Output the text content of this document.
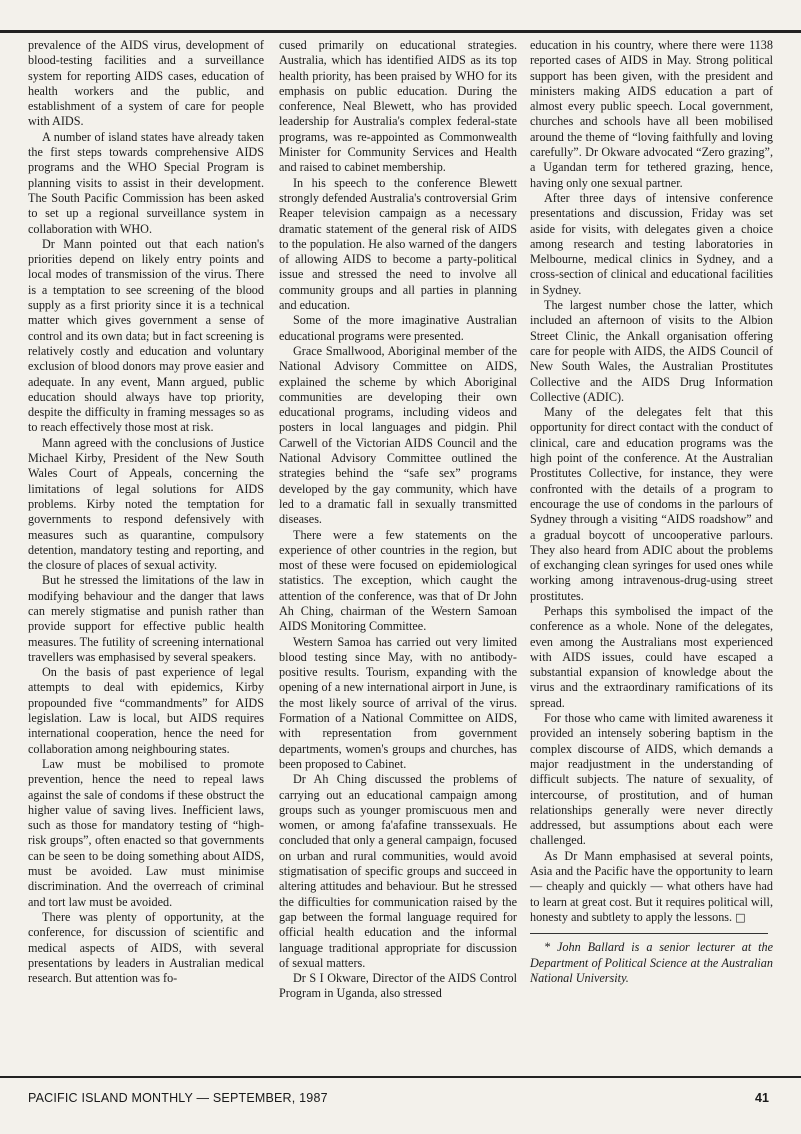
prevalence of the AIDS virus, development of blood-testing facilities and a surveillance system for reporting AIDS cases, education of health workers and the public, and establishment of a system of care for people with AIDS.

A number of island states have already taken the first steps towards comprehensive AIDS programs and the WHO Special Program is planning visits to assist in their development. The South Pacific Commission has been asked to set up a regional surveillance system in collaboration with WHO.

Dr Mann pointed out that each nation's priorities depend on likely entry points and local modes of transmission of the virus. There is a temptation to see screening of the blood supply as a first priority since it is a technical matter which gives government a sense of control and its own data; but in fact screening is relatively costly and education and voluntary exclusion of blood donors may prove easier and adequate. In any event, Mann argued, public education should always have top priority, despite the difficulty in framing messages so as to reach effectively those most at risk.

Mann agreed with the conclusions of Justice Michael Kirby, President of the New South Wales Court of Appeals, concerning the limitations of legal solutions for AIDS problems. Kirby noted the temptation for governments to respond defensively with measures such as quarantine, compulsory detention, mandatory testing and reporting, and the closure of places of sexual activity.

But he stressed the limitations of the law in modifying behaviour and the danger that laws can merely stigmatise and punish rather than provide support for effective public health measures. The futility of screening international travellers was emphasised by several speakers.

On the basis of past experience of legal attempts to deal with epidemics, Kirby propounded five “commandments” for AIDS legislation. Law is local, but AIDS requires international cooperation, hence the need for collaboration among neighbouring states.

Law must be mobilised to promote prevention, hence the need to repeal laws against the sale of condoms if these obstruct the higher value of saving lives. Inefficient laws, such as those for mandatory testing of “high-risk groups”, often enacted so that governments can be seen to be doing something about AIDS, must be avoided. Law must minimise discrimination. And the overreach of criminal and tort law must be avoided.

There was plenty of opportunity, at the conference, for discussion of scientific and medical aspects of AIDS, with several presentations by leaders in Australian medical research. But attention was fo-

cused primarily on educational strategies. Australia, which has identified AIDS as its top health priority, has been praised by WHO for its emphasis on public education. During the conference, Neal Blewett, who has provided leadership for Australia's complex federal-state programs, was re-appointed as Commonwealth Minister for Community Services and Health and raised to cabinet membership.

In his speech to the conference Blewett strongly defended Australia's controversial Grim Reaper television campaign as a necessary dramatic statement of the general risk of AIDS to the population. He also warned of the dangers of allowing AIDS to become a party-political issue and stressed the need to involve all community groups and all parties in planning and education.

Some of the more imaginative Australian educational programs were presented.

Grace Smallwood, Aboriginal member of the National Advisory Committee on AIDS, explained the scheme by which Aboriginal communities are developing their own educational programs, including videos and posters in local languages and pidgin. Phil Carwell of the Victorian AIDS Council and the National Advisory Committee outlined the strategies behind the “safe sex” programs developed by the gay community, which have led to a dramatic fall in sexually transmitted diseases.

There were a few statements on the experience of other countries in the region, but most of these were focused on epidemiological statistics. The exception, which caught the attention of the conference, was that of Dr John Ah Ching, chairman of the Western Samoan AIDS Monitoring Committee.

Western Samoa has carried out very limited blood testing since May, with no antibody-positive results. Tourism, expanding with the opening of a new international airport in June, is the most likely source of arrival of the virus. Formation of a National Committee on AIDS, with representation from government departments, women's groups and churches, has been proposed to Cabinet.

Dr Ah Ching discussed the problems of carrying out an educational campaign among groups such as younger promiscuous men and women, or among fa'afafine transsexuals. He concluded that only a general campaign, focused on urban and rural communities, would avoid stigmatisation of specific groups and succeed in altering attitudes and behaviour. But he stressed the difficulties for communication raised by the gap between the formal language required for official health education and the informal language traditional appropriate for discussion of sexual matters.

Dr S I Okware, Director of the AIDS Control Program in Uganda, also stressed

education in his country, where there were 1138 reported cases of AIDS in May. Strong political support has been given, with the president and ministers making AIDS education a part of almost every public speech. Local government, churches and schools have all been mobilised around the theme of “loving faithfully and loving carefully”. Dr Okware advocated “Zero grazing”, a Ugandan term for tethered grazing, hence, having only one sexual partner.

After three days of intensive conference presentations and discussion, Friday was set aside for visits, with delegates given a choice among research and testing laboratories in Melbourne, medical clinics in Sydney, and a cross-section of clinical and educational facilities in Sydney.

The largest number chose the latter, which included an afternoon of visits to the Albion Street Clinic, the Ankall organisation offering care for people with AIDS, the AIDS Council of New South Wales, the Australian Prostitutes Collective and the AIDS Drug Information Collective (ADIC).

Many of the delegates felt that this opportunity for direct contact with the conduct of clinical, care and education programs was the high point of the conference. At the Australian Prostitutes Collective, for instance, they were confronted with the details of a program to encourage the use of condoms in the parlours of Sydney through a visiting “AIDS roadshow” and a gradual boycott of uncooperative parlours. They also heard from ADIC about the problems of exchanging clean syringes for used ones while working among intravenous-drug-using street prostitutes.

Perhaps this symbolised the impact of the conference as a whole. None of the delegates, even among the Australians most experienced with AIDS issues, could have escaped a substantial expansion of knowledge about the virus and the extraordinary ramifications of its spread.

For those who came with limited awareness it provided an intensely sobering baptism in the complex discourse of AIDS, which demands a major readjustment in the understanding of difficult subjects. The nature of sexuality, of intercourse, of prostitution, and of human relationships generally were never directly addressed, but assumptions about each were challenged.

As Dr Mann emphasised at several points, Asia and the Pacific have the opportunity to learn — cheaply and quickly — what others have had to learn at great cost. But it requires political will, honesty and subtlety to apply the lessons. □

* John Ballard is a senior lecturer at the Department of Political Science at the Australian National University.

PACIFIC ISLAND MONTHLY — SEPTEMBER, 1987	41
